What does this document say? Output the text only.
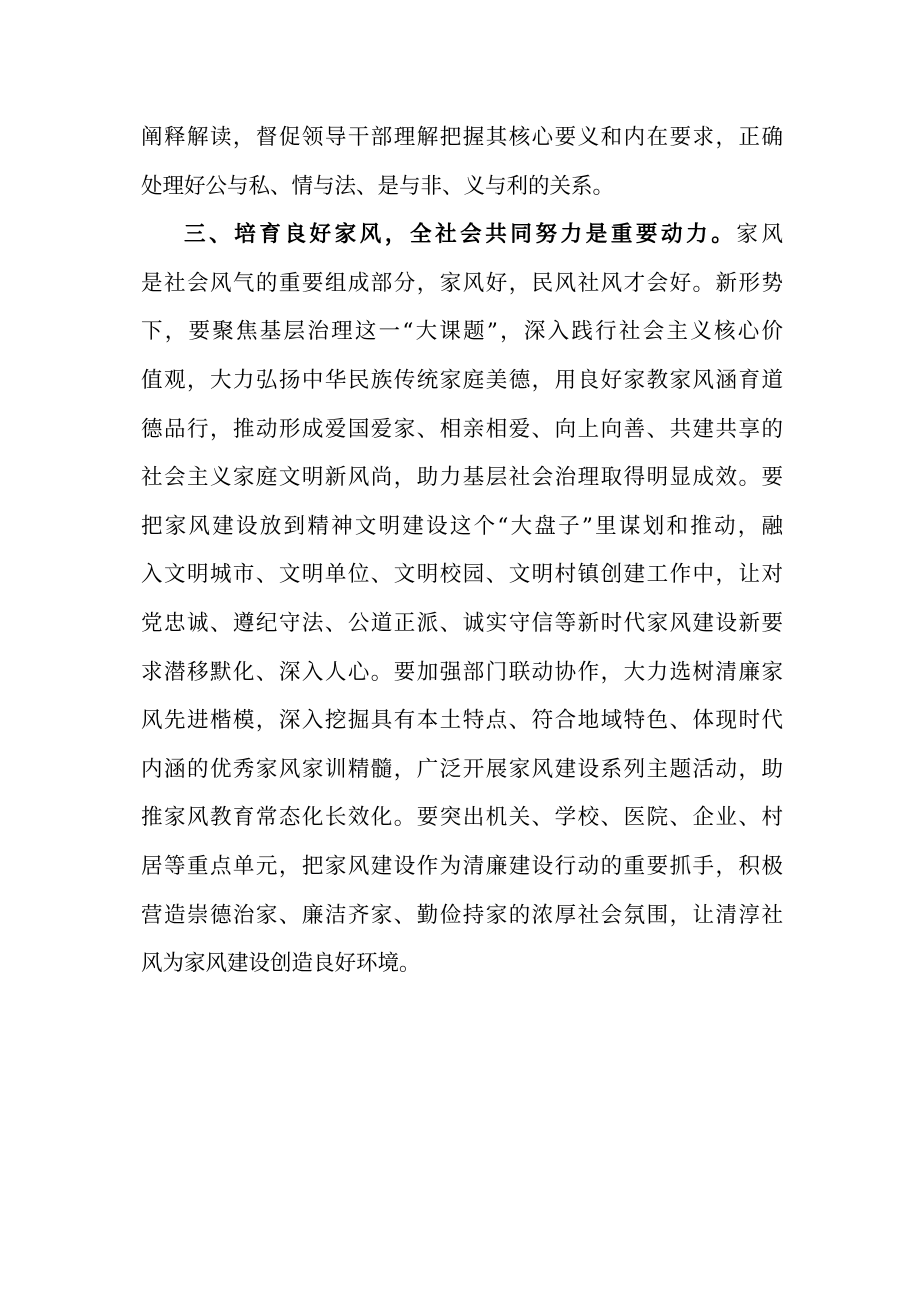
阐释解读，督促领导干部理解把握其核心要义和内在要求，正确
处理好公与私、情与法、是与非、义与利的关系。
三、培育良好家风，全社会共同努力是重要动力。家风
是社会风气的重要组成部分，家风好，民风社风才会好。新形势
下，要聚焦基层治理这一“大课题”，深入践行社会主义核心价
值观，大力弘扬中华民族传统家庭美德，用良好家教家风涵育道
德品行，推动形成爱国爱家、相亲相爱、向上向善、共建共享的
社会主义家庭文明新风尚，助力基层社会治理取得明显成效。要
把家风建设放到精神文明建设这个“大盘子”里谋划和推动，融
入文明城市、文明单位、文明校园、文明村镇创建工作中，让对
党忠诚、遵纪守法、公道正派、诚实守信等新时代家风建设新要
求潜移默化、深入人心。要加强部门联动协作，大力选树清廉家
风先进楷模，深入挖掘具有本土特点、符合地域特色、体现时代
内涵的优秀家风家训精髓，广泛开展家风建设系列主题活动，助
推家风教育常态化长效化。要突出机关、学校、医院、企业、村
居等重点单元，把家风建设作为清廉建设行动的重要抓手，积极
营造崇德治家、廉洁齐家、勤俭持家的浓厚社会氛围，让清淳社
风为家风建设创造良好环境。
